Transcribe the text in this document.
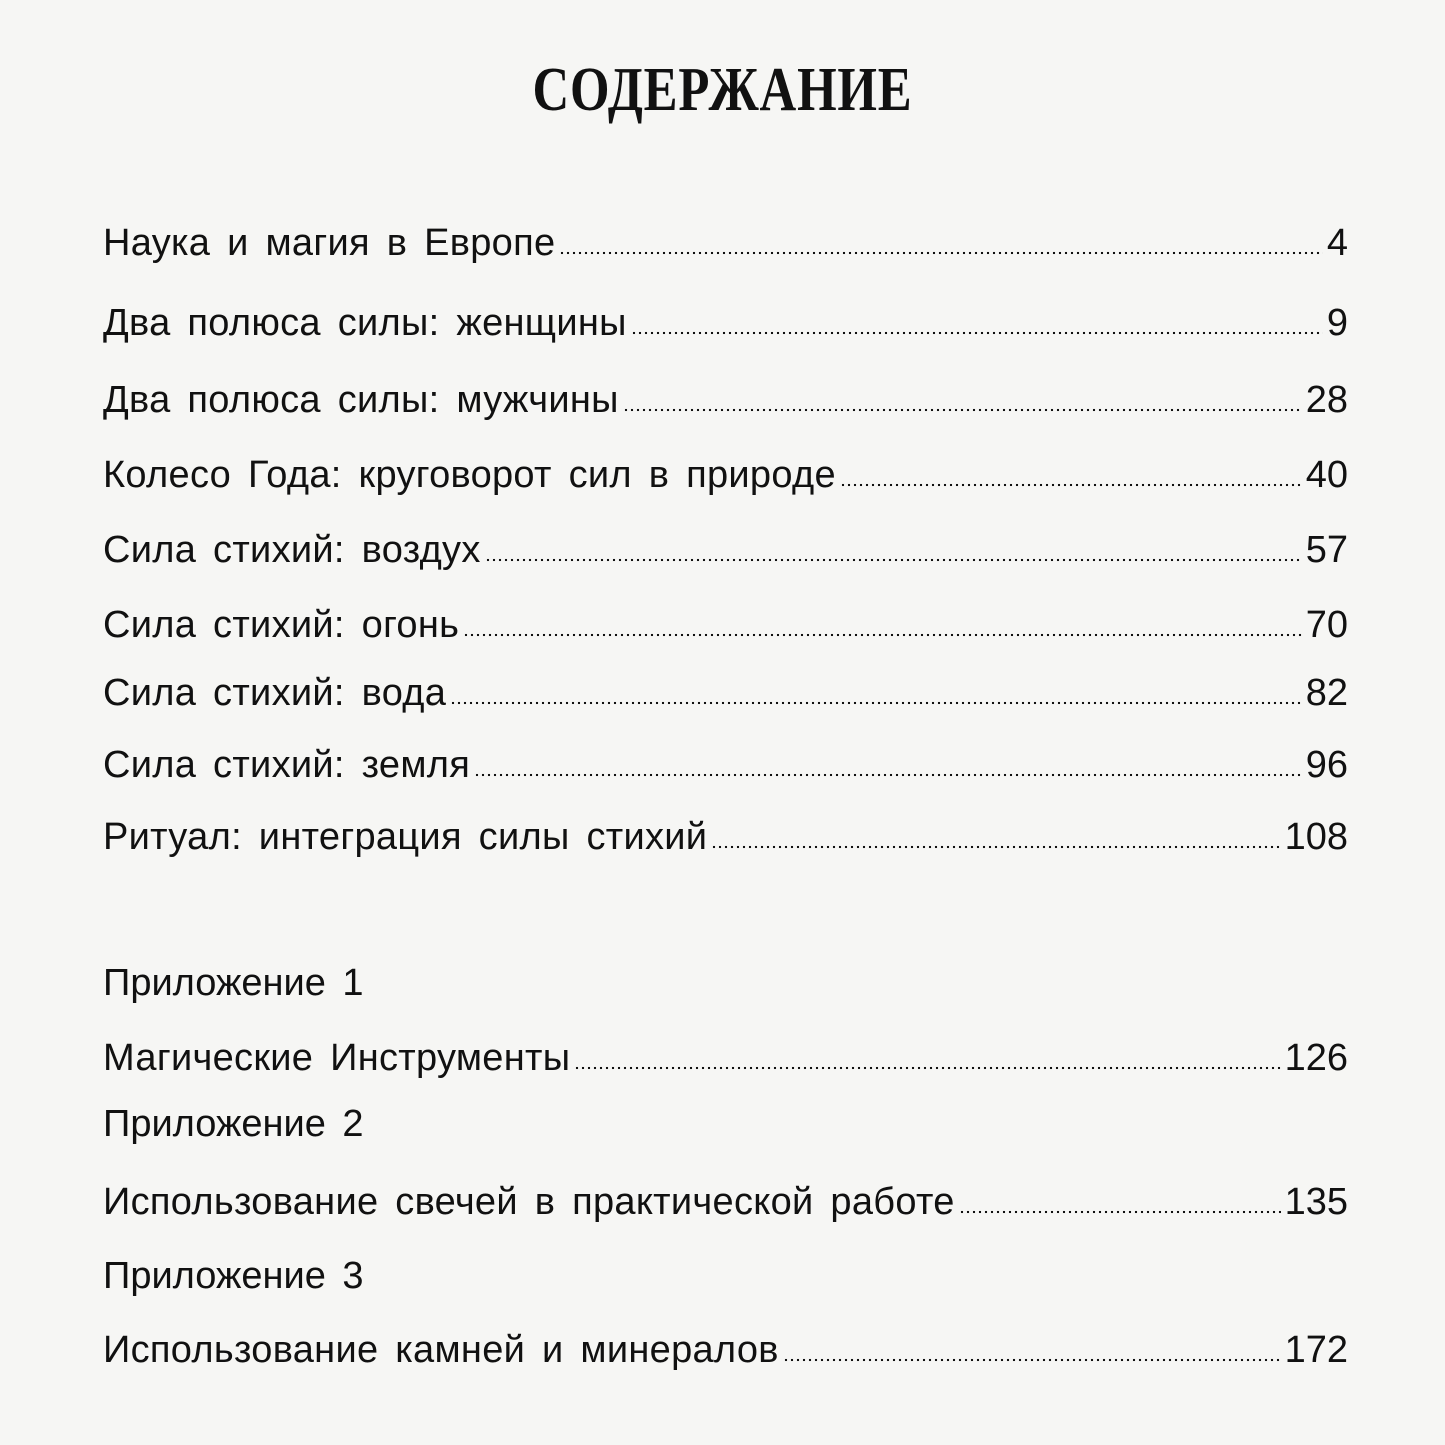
СОДЕРЖАНИЕ
Наука и магия в Европе	4
Два полюса силы: женщины	9
Два полюса силы: мужчины	28
Колесо Года: круговорот сил в природе	40
Сила стихий: воздух	57
Сила стихий: огонь	70
Сила стихий: вода	82
Сила стихий: земля	96
Ритуал: интеграция силы стихий	108
Приложение 1
Магические Инструменты	126
Приложение 2
Использование свечей в практической работе	135
Приложение 3
Использование камней и минералов	172
